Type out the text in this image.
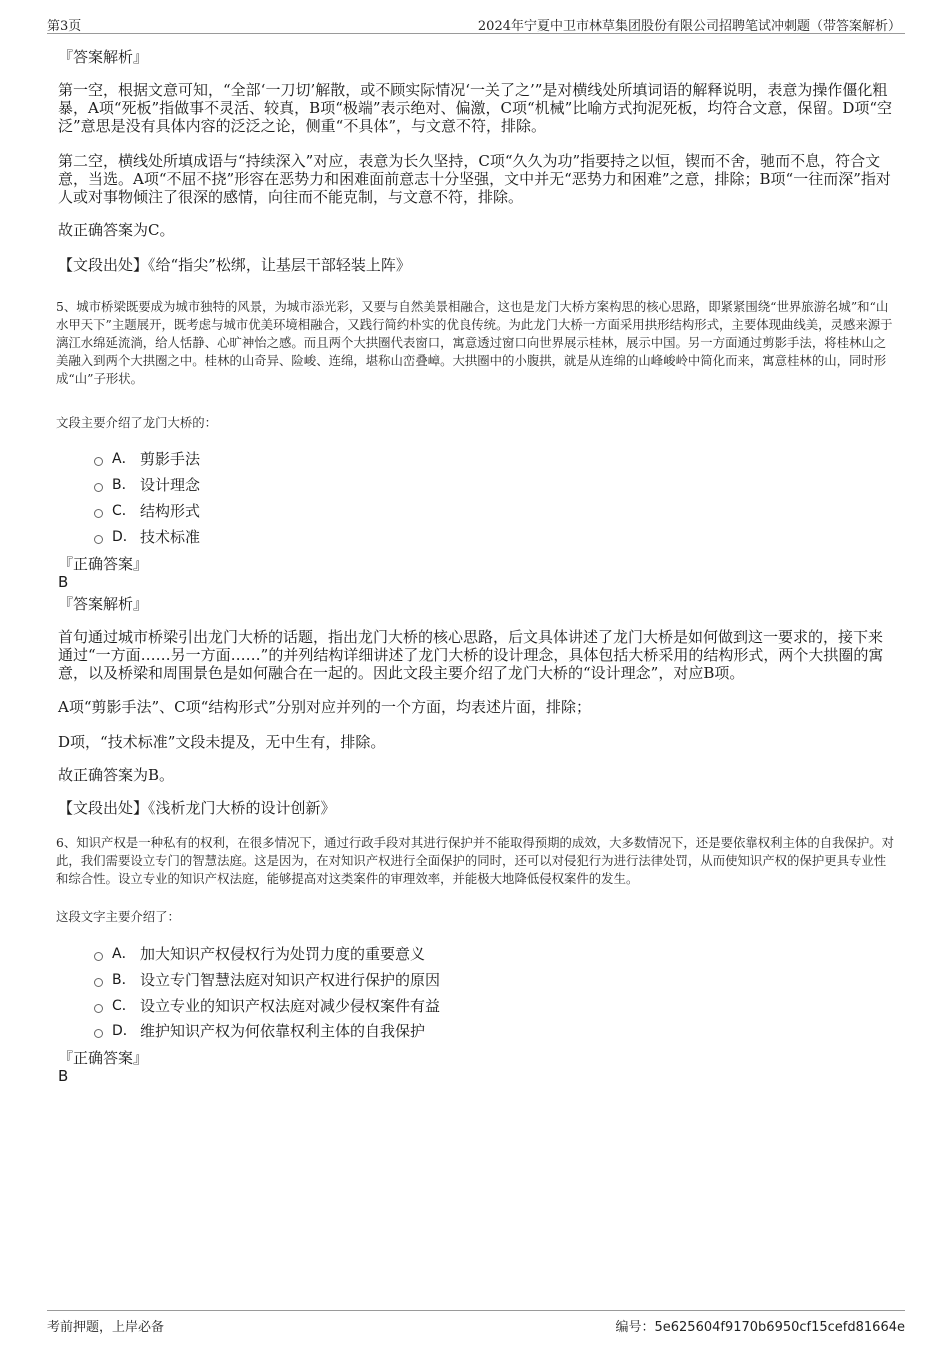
第3页	2024年宁夏中卫市林草集团股份有限公司招聘笔试冲刺题（带答案解析）
『答案解析』

第一空，根据文意可知，“全部‘一刀切’解散，或不顾实际情况‘一关了之’”是对横线处所填词语的解释说明，表意为操作僵化粗暴，A项“死板”指做事不灵活、较真，B项“极端”表示绝对、偏激，C项“机械”比喻方式拘泥死板，均符合文意，保留。D项“空泛”意思是没有具体内容的泛泛之论，侧重“不具体”，与文意不符，排除。

第二空，横线处所填成语与“持续深入”对应，表意为长久坚持，C项“久久为功”指要持之以恒，锲而不舍，驰而不息，符合文意，当选。A项“不屈不挠”形容在恶势力和困难面前意志十分坚强，文中并无“恶势力和困难”之意，排除；B项“一往而深”指对人或对事物倾注了很深的感情，向往而不能克制，与文意不符，排除。

故正确答案为C。
【文段出处】《给“指尖”松绑，让基层干部轻装上阵》

5、城市桥梁既要成为城市独特的风景，为城市添光彩，又要与自然美景相融合，这也是龙门大桥方案构思的核心思路，即紧紧围绕“世界旅游名城”和“山水甲天下”主题展开，既考虑与城市优美环境相融合，又践行简约朴实的优良传统。为此龙门大桥一方面采用拱形结构形式，主要体现曲线美，灵感来源于漓江水绵延流淌，给人恬静、心旷神怡之感。而且两个大拱圈代表窗口，寓意透过窗口向世界展示桂林，展示中国。另一方面通过剪影手法，将桂林山之美融入到两个大拱圈之中。桂林的山奇异、险峻、连绵，堪称山峦叠嶂。大拱圈中的小腹拱，就是从连绵的山峰峻岭中简化而来，寓意桂林的山，同时形成“山”子形状。

文段主要介绍了龙门大桥的：
A． 剪影手法
B． 设计理念
C． 结构形式
D． 技术标准
『正确答案』
B
『答案解析』

首句通过城市桥梁引出龙门大桥的话题，指出龙门大桥的核心思路，后文具体讲述了龙门大桥是如何做到这一要求的，接下来通过“一方面……另一方面……”的并列结构详细讲述了龙门大桥的设计理念，具体包括大桥采用的结构形式，两个大拱圈的寓意，以及桥梁和周围景色是如何融合在一起的。因此文段主要介绍了龙门大桥的“设计理念”，对应B项。

A项“剪影手法”、C项“结构形式”分别对应并列的一个方面，均表述片面，排除；
D项，“技术标准”文段未提及，无中生有，排除。
故正确答案为B。
【文段出处】《浅析龙门大桥的设计创新》

6、知识产权是一种私有的权利，在很多情况下，通过行政手段对其进行保护并不能取得预期的成效，大多数情况下，还是要依靠权利主体的自我保护。对此，我们需要设立专门的智慧法庭。这是因为，在对知识产权进行全面保护的同时，还可以对侵犯行为进行法律处罚，从而使知识产权的保护更具专业性和综合性。设立专业的知识产权法庭，能够提高对这类案件的审理效率，并能极大地降低侵权案件的发生。

这段文字主要介绍了：
A． 加大知识产权侵权行为处罚力度的重要意义
B． 设立专门智慧法庭对知识产权进行保护的原因
C． 设立专业的知识产权法庭对减少侵权案件有益
D． 维护知识产权为何依靠权利主体的自我保护
『正确答案』
B
考前押题，上岸必备	编号：5e625604f9170b6950cf15cefd81664e
